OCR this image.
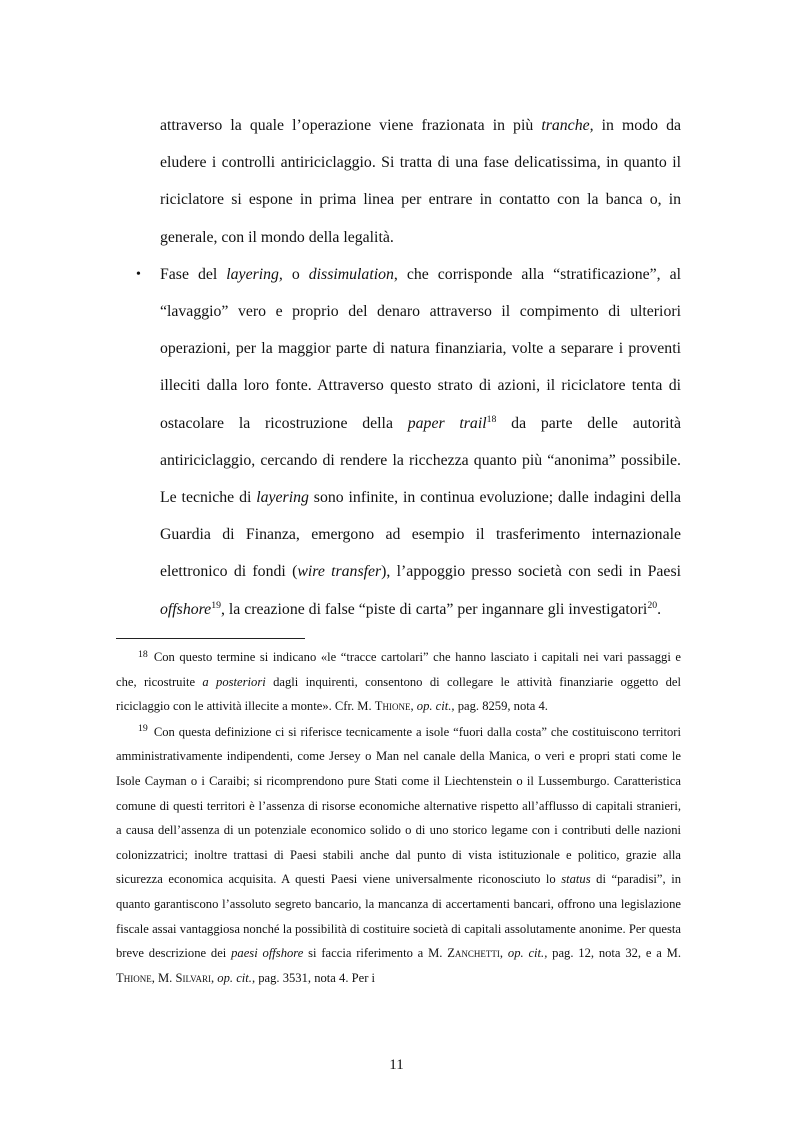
attraverso la quale l’operazione viene frazionata in più tranche, in modo da eludere i controlli antiriciclaggio. Si tratta di una fase delicatissima, in quanto il riciclatore si espone in prima linea per entrare in contatto con la banca o, in generale, con il mondo della legalità.

• Fase del layering, o dissimulation, che corrisponde alla “stratificazione”, al “lavaggio” vero e proprio del denaro attraverso il compimento di ulteriori operazioni, per la maggior parte di natura finanziaria, volte a separare i proventi illeciti dalla loro fonte. Attraverso questo strato di azioni, il riciclatore tenta di ostacolare la ricostruzione della paper trail$^{18}$ da parte delle autorità antiriciclaggio, cercando di rendere la ricchezza quanto più “anonima” possibile. Le tecniche di layering sono infinite, in continua evoluzione; dalle indagini della Guardia di Finanza, emergono ad esempio il trasferimento internazionale elettronico di fondi (wire transfer), l’appoggio presso società con sedi in Paesi offshore$^{19}$, la creazione di false “piste di carta” per ingannare gli investigatori$^{20}$.

$^{18}$ Con questo termine si indicano «le “tracce cartolari” che hanno lasciato i capitali nei vari passaggi e che, ricostruite a posteriori dagli inquirenti, consentono di collegare le attività finanziarie oggetto del riciclaggio con le attività illecite a monte». Cfr. M. Thione, op. cit., pag. 8259, nota 4.

$^{19}$ Con questa definizione ci si riferisce tecnicamente a isole “fuori dalla costa” che costituiscono territori amministrativamente indipendenti, come Jersey o Man nel canale della Manica, o veri e propri stati come le Isole Cayman o i Caraibi; si ricomprendono pure Stati come il Liechtenstein o il Lussemburgo. Caratteristica comune di questi territori è l’assenza di risorse economiche alternative rispetto all’afflusso di capitali stranieri, a causa dell’assenza di un potenziale economico solido o di uno storico legame con i contributi delle nazioni colonizzatrici; inoltre trattasi di Paesi stabili anche dal punto di vista istituzionale e politico, grazie alla sicurezza economica acquisita. A questi Paesi viene universalmente riconosciuto lo status di “paradisi”, in quanto garantiscono l’assoluto segreto bancario, la mancanza di accertamenti bancari, offrono una legislazione fiscale assai vantaggiosa nonché la possibilità di costituire società di capitali assolutamente anonime. Per questa breve descrizione dei paesi offshore si faccia riferimento a M. Zanchetti, op. cit., pag. 12, nota 32, e a M. Thione, M. Silvari, op. cit., pag. 3531, nota 4. Per i

11
